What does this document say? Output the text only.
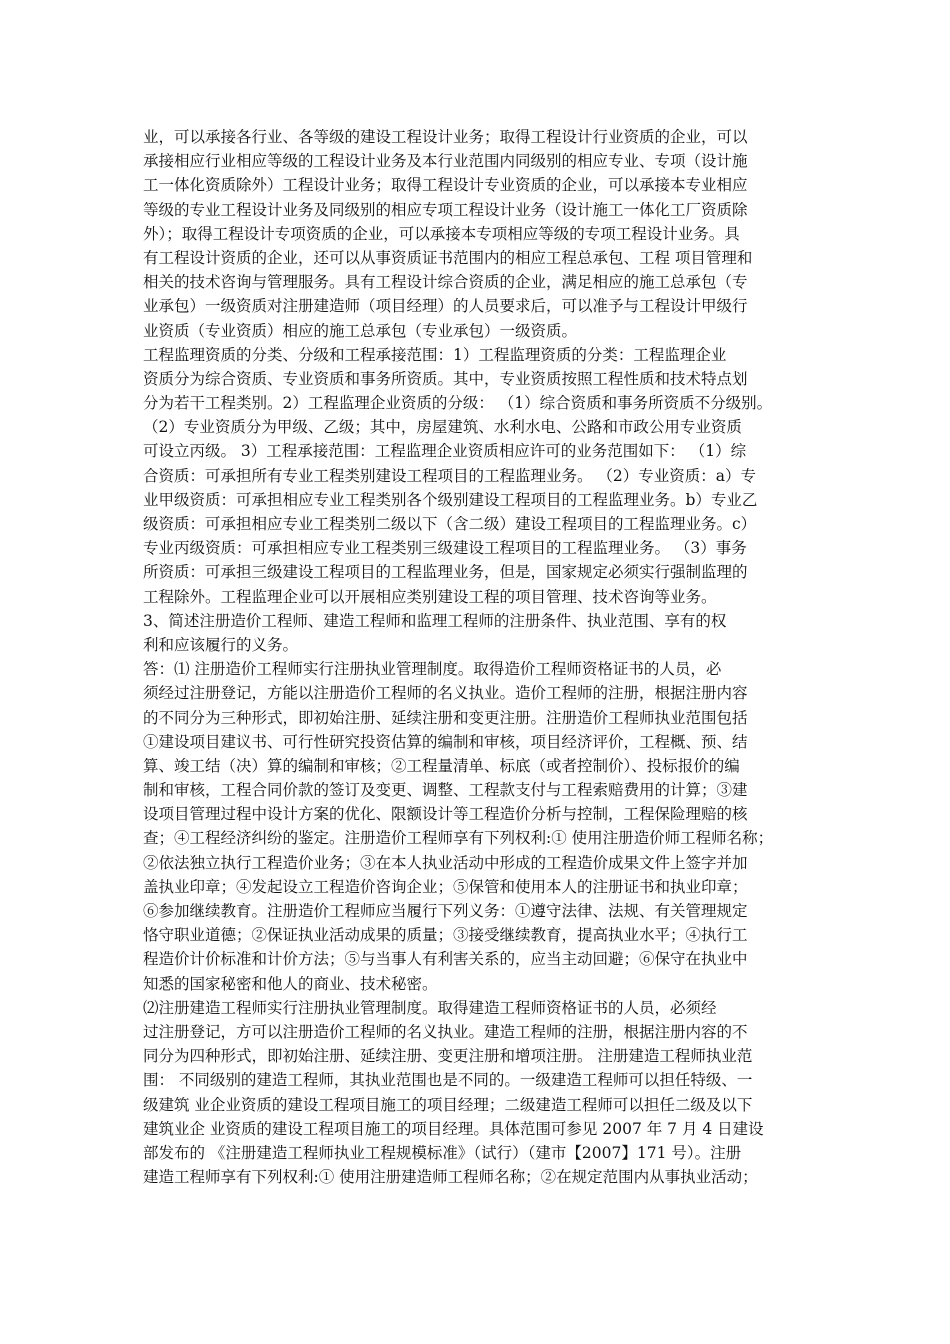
业，可以承接各行业、各等级的建设工程设计业务；取得工程设计行业资质的企业，可以
承接相应行业相应等级的工程设计业务及本行业范围内同级别的相应专业、专项（设计施
工一体化资质除外）工程设计业务；取得工程设计专业资质的企业，可以承接本专业相应
等级的专业工程设计业务及同级别的相应专项工程设计业务（设计施工一体化工厂资质除
外）；取得工程设计专项资质的企业，可以承接本专项相应等级的专项工程设计业务。具
有工程设计资质的企业，还可以从事资质证书范围内的相应工程总承包、工程 项目管理和
相关的技术咨询与管理服务。具有工程设计综合资质的企业，满足相应的施工总承包（专
业承包）一级资质对注册建造师（项目经理）的人员要求后，可以准予与工程设计甲级行
业资质（专业资质）相应的施工总承包（专业承包）一级资质。
工程监理资质的分类、分级和工程承接范围：1）工程监理资质的分类：工程监理企业
资质分为综合资质、专业资质和事务所资质。其中，专业资质按照工程性质和技术特点划
分为若干工程类别。2）工程监理企业资质的分级： （1）综合资质和事务所资质不分级别。
（2）专业资质分为甲级、乙级；其中，房屋建筑、水利水电、公路和市政公用专业资质
可设立丙级。 3）工程承接范围：工程监理企业资质相应许可的业务范围如下： （1）综
合资质：可承担所有专业工程类别建设工程项目的工程监理业务。 （2）专业资质：a）专
业甲级资质：可承担相应专业工程类别各个级别建设工程项目的工程监理业务。b）专业乙
级资质：可承担相应专业工程类别二级以下（含二级）建设工程项目的工程监理业务。c）
专业丙级资质：可承担相应专业工程类别三级建设工程项目的工程监理业务。 （3）事务
所资质：可承担三级建设工程项目的工程监理业务，但是，国家规定必须实行强制监理的
工程除外。工程监理企业可以开展相应类别建设工程的项目管理、技术咨询等业务。
3、简述注册造价工程师、建造工程师和监理工程师的注册条件、执业范围、享有的权
利和应该履行的义务。
答：⑴ 注册造价工程师实行注册执业管理制度。取得造价工程师资格证书的人员，必
须经过注册登记，方能以注册造价工程师的名义执业。造价工程师的注册，根据注册内容
的不同分为三种形式，即初始注册、延续注册和变更注册。注册造价工程师执业范围包括
①建设项目建议书、可行性研究投资估算的编制和审核，项目经济评价，工程概、预、结
算、竣工结（决）算的编制和审核；②工程量清单、标底（或者控制价）、投标报价的编
制和审核，工程合同价款的签订及变更、调整、工程款支付与工程索赔费用的计算；③建
设项目管理过程中设计方案的优化、限额设计等工程造价分析与控制，工程保险理赔的核
查；④工程经济纠纷的鉴定。注册造价工程师享有下列权利:① 使用注册造价师工程师名称；
②依法独立执行工程造价业务；③在本人执业活动中形成的工程造价成果文件上签字并加
盖执业印章；④发起设立工程造价咨询企业；⑤保管和使用本人的注册证书和执业印章；
⑥参加继续教育。注册造价工程师应当履行下列义务：①遵守法律、法规、有关管理规定
恪守职业道德；②保证执业活动成果的质量；③接受继续教育，提高执业水平；④执行工
程造价计价标准和计价方法；⑤与当事人有利害关系的，应当主动回避；⑥保守在执业中
知悉的国家秘密和他人的商业、技术秘密。
⑵注册建造工程师实行注册执业管理制度。取得建造工程师资格证书的人员，必须经
过注册登记，方可以注册造价工程师的名义执业。建造工程师的注册，根据注册内容的不
同分为四种形式，即初始注册、延续注册、变更注册和增项注册。 注册建造工程师执业范
围： 不同级别的建造工程师，其执业范围也是不同的。一级建造工程师可以担任特级、一
级建筑 业企业资质的建设工程项目施工的项目经理；二级建造工程师可以担任二级及以下
建筑业企 业资质的建设工程项目施工的项目经理。具体范围可参见 2007 年 7 月 4 日建设
部发布的 《注册建造工程师执业工程规模标准》（试行）（建市【2007】171 号）。注册
建造工程师享有下列权利:① 使用注册建造师工程师名称；②在规定范围内从事执业活动；
